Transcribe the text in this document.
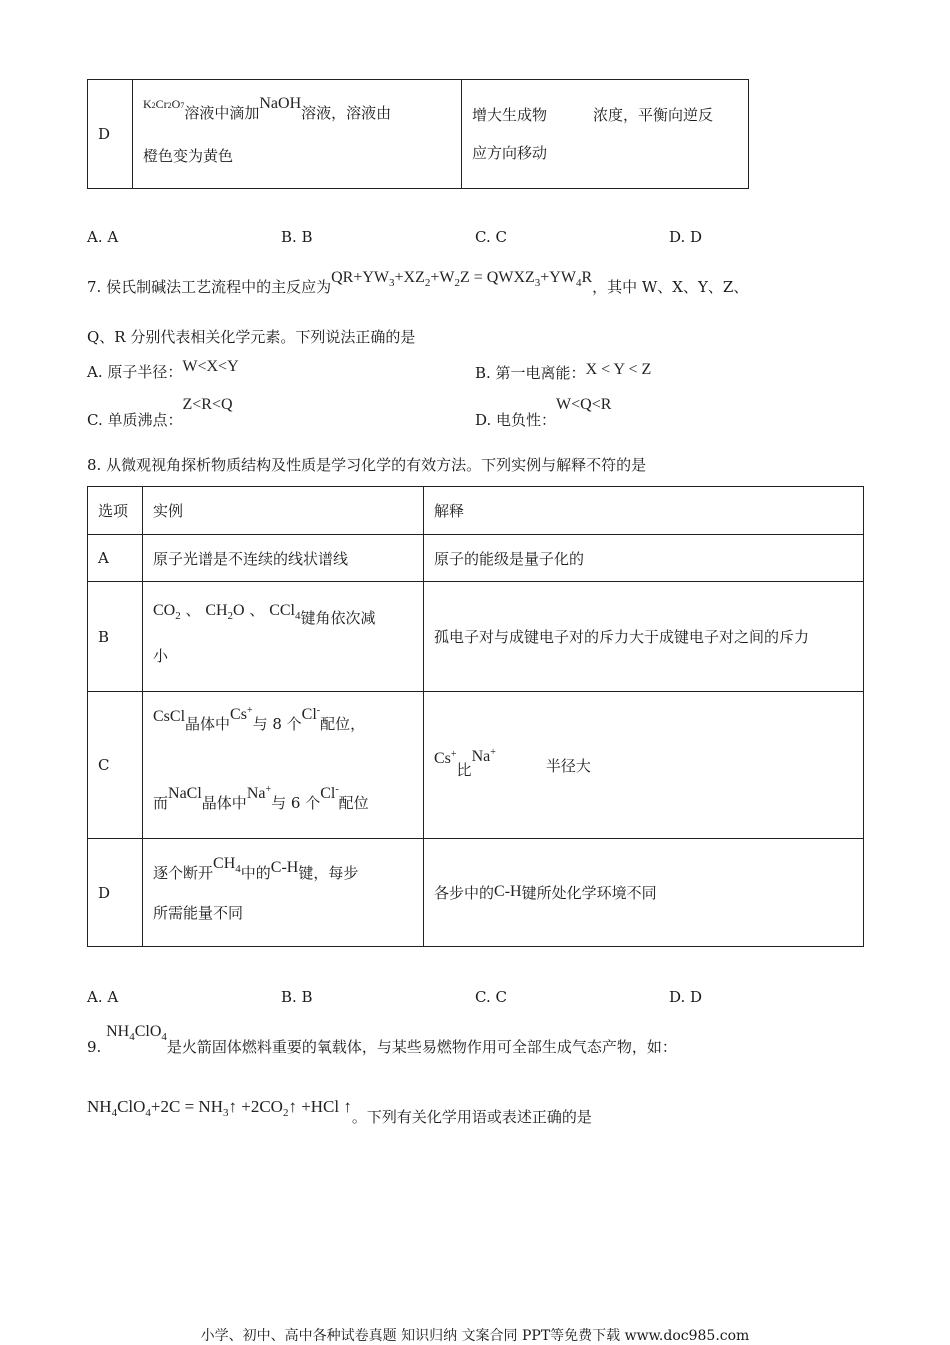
D	
$^{K2Cr2O7}$溶液中滴加NaOH溶液，溶液由
橙色变为黄色

增大生成物	浓度，平衡向逆反
应方向移动
A. A	B. B	C. C	D. D
7. 侯氏制碱法工艺流程中的主反应为$QR+YW_3+XZ_2+W_2Z$ = $QWXZ_3+YW_4R$，其中 W、X、Y、Z、
Q、R 分别代表相关化学元素。下列说法正确的是
A. 原子半径：W<X<Y	B. 第一电离能：X < Y < Z
C. 单质沸点：Z<R<Q
D. 电负性：W<Q<R
8. 从微观视角探析物质结构及性质是学习化学的有效方法。下列实例与解释不符的是
选项	实例	解释
A	原子光谱是不连续的线状谱线	原子的能级是量子化的
B	$CO_2$ 、 $CH_2O$ 、 CCl$_4$键角依次减
小	孤电子对与成键电子对的斥力大于成键电子对之间的斥力
C	CsCl晶体中Cs+与 8 个Cl-配位，
而NaCl晶体中Na+与 6 个Cl-配位	Cs+比Na+半径大
D	逐个断开$CH_4$中的C-H键，每步
所需能量不同	各步中的C-H键所处化学环境不同
A. A	B. B	C. C	D. D
9. $NH_4ClO_4$是火箭固体燃料重要的氧载体，与某些易燃物作用可全部生成气态产物，如：
$NH_4ClO_4+2C$ = $NH_3↑$ $+2CO_2↑ +HCl$ ↑。下列有关化学用语或表述正确的是
小学、初中、高中各种试卷真题 知识归纳 文案合同 PPT等免费下载 www.doc985.com
